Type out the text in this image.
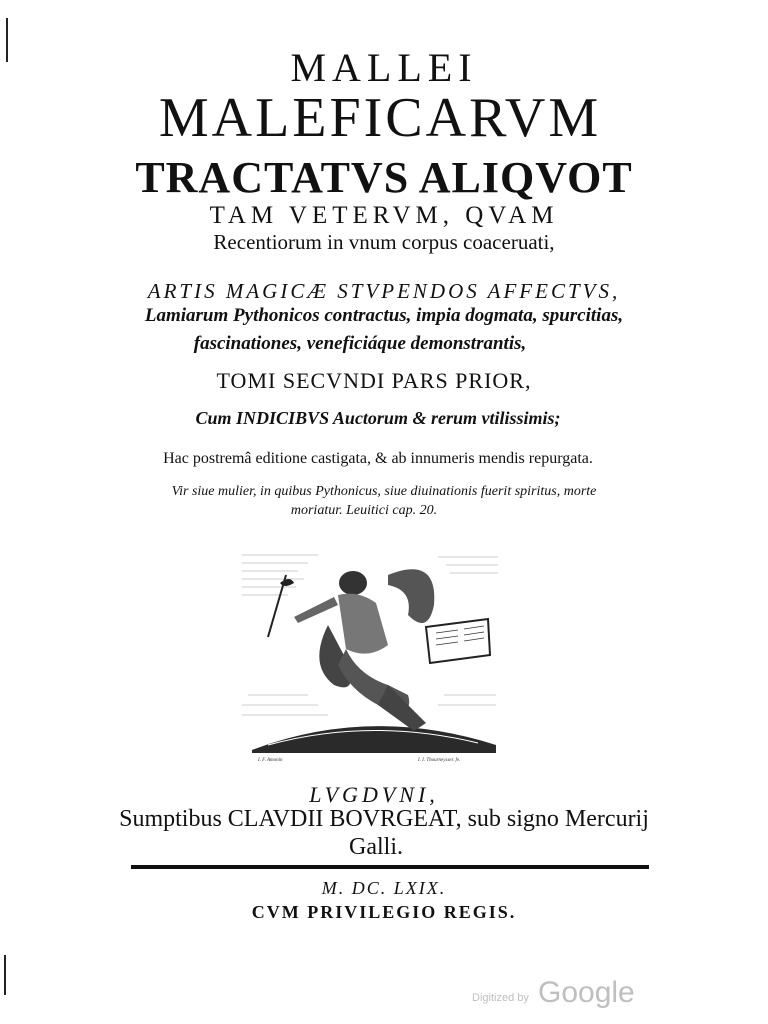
MALLEI
MALEFICARVM
TRACTATVS ALIQVOT
TAM VETERVM, QVAM
Recentiorum in vnum corpus coaceruati,
ARTIS MAGICÆ STVPENDOS AFFECTVS,
Lamiarum Pythonicos contractus, impia dogmata, spurcitias,
fascinationes, veneficiáque demonstrantis,
TOMI SECVNDI PARS PRIOR,
Cum INDICIBVS Auctorum & rerum vtilissimis;
Hac postremâ editione castigata, & ab innumeris mendis repurgata.
Vir siue mulier, in quibus Pythonicus, siue diuinationis fuerit spiritus, morte
moriatur. Leuitici cap. 20.
I. F. Amonin	I. I. Thourneysser. fe.
LVGDVNI,
Sumptibus CLAVDII BOVRGEAT, sub signo Mercurij
Galli.
M. DC. LXIX.
CVM PRIVILEGIO REGIS.
Digitized by Google
